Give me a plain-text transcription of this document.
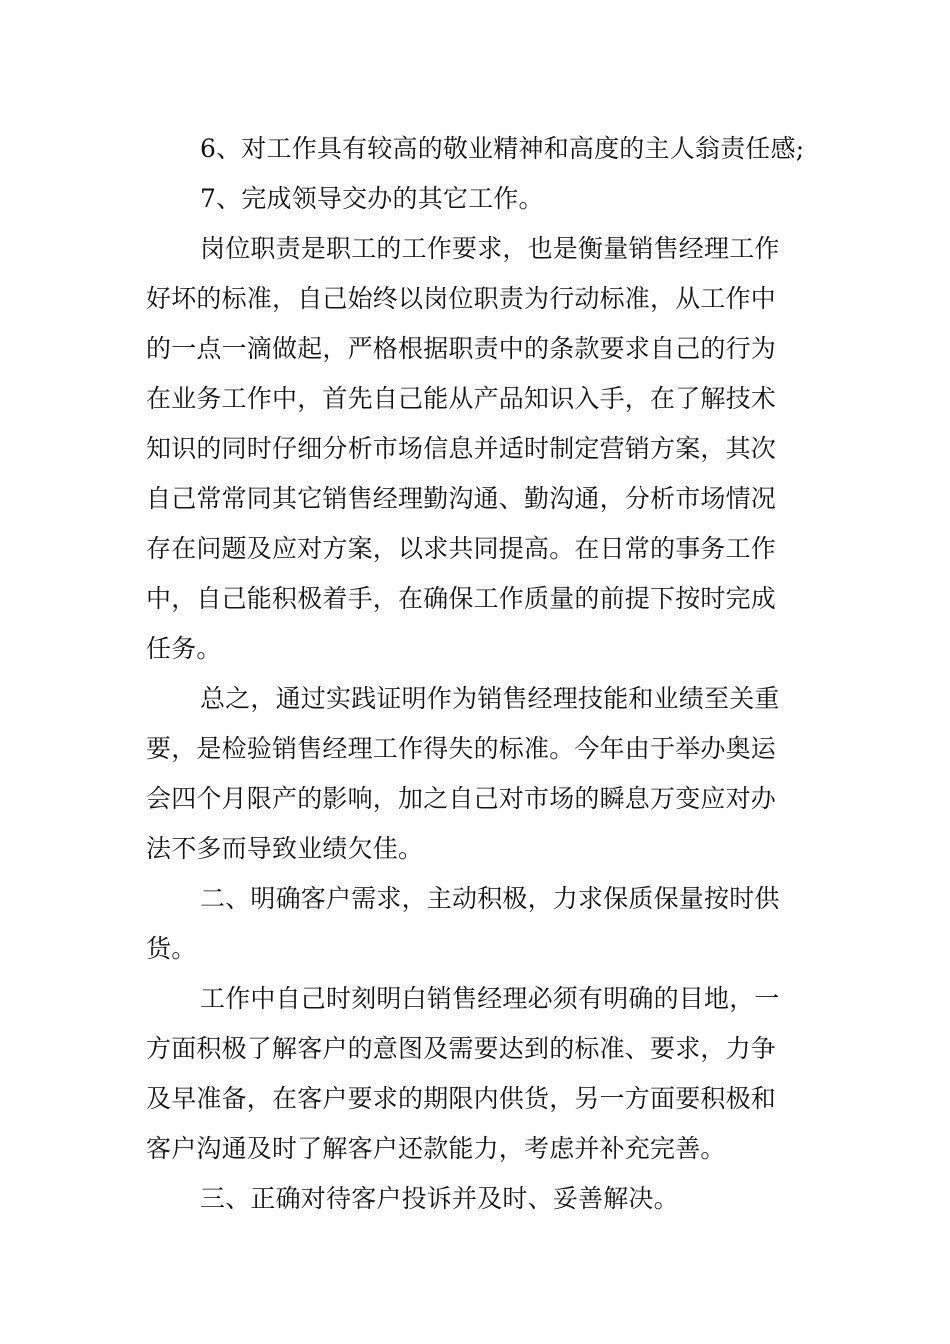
6、对工作具有较高的敬业精神和高度的主人翁责任感;
7、完成领导交办的其它工作。
岗位职责是职工的工作要求，也是衡量销售经理工作
好坏的标准，自己始终以岗位职责为行动标准，从工作中
的一点一滴做起，严格根据职责中的条款要求自己的行为
在业务工作中，首先自己能从产品知识入手，在了解技术
知识的同时仔细分析市场信息并适时制定营销方案，其次
自己常常同其它销售经理勤沟通、勤沟通，分析市场情况
存在问题及应对方案，以求共同提高。在日常的事务工作
中，自己能积极着手，在确保工作质量的前提下按时完成
任务。
总之，通过实践证明作为销售经理技能和业绩至关重
要，是检验销售经理工作得失的标准。今年由于举办奥运
会四个月限产的影响，加之自己对市场的瞬息万变应对办
法不多而导致业绩欠佳。
二、明确客户需求，主动积极，力求保质保量按时供
货。
工作中自己时刻明白销售经理必须有明确的目地，一
方面积极了解客户的意图及需要达到的标准、要求，力争
及早准备，在客户要求的期限内供货，另一方面要积极和
客户沟通及时了解客户还款能力，考虑并补充完善。
三、正确对待客户投诉并及时、妥善解决。
